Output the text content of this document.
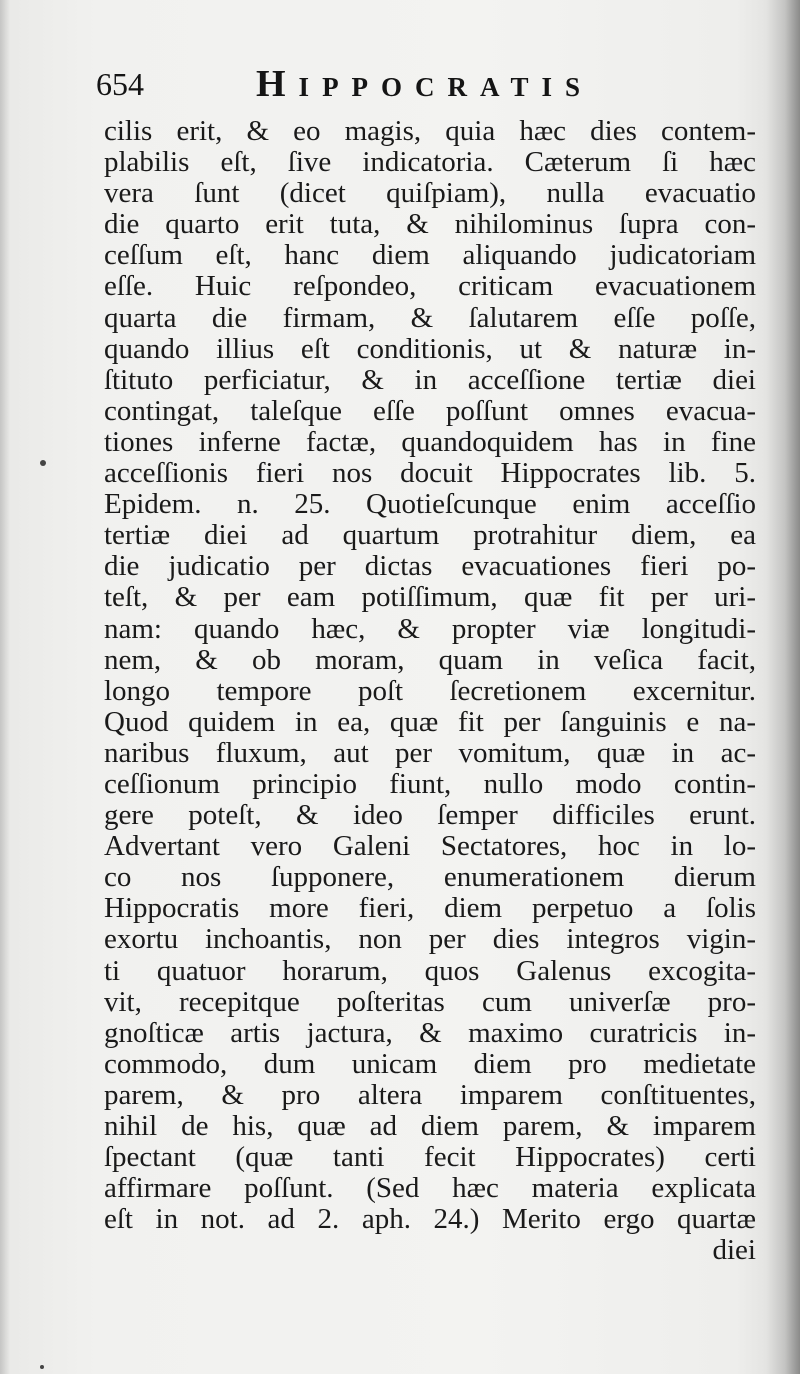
654	Hippocratis
cilis erit, & eo magis, quia hæc dies contem-
plabilis eſt, ſive indicatoria. Cæterum ſi hæc
vera ſunt (dicet quiſpiam), nulla evacuatio
die quarto erit tuta, & nihilominus ſupra con-
ceſſum eſt, hanc diem aliquando judicatoriam
eſſe. Huic reſpondeo, criticam evacuationem
quarta die firmam, & ſalutarem eſſe poſſe,
quando illius eſt conditionis, ut & naturæ in-
ſtituto perficiatur, & in acceſſione tertiæ diei
contingat, taleſque eſſe poſſunt omnes evacua-
tiones inferne factæ, quandoquidem has in fine
acceſſionis fieri nos docuit Hippocrates lib. 5.
Epidem. n. 25. Quotieſcunque enim acceſſio
tertiæ diei ad quartum protrahitur diem, ea
die judicatio per dictas evacuationes fieri po-
teſt, & per eam potiſſimum, quæ fit per uri-
nam: quando hæc, & propter viæ longitudi-
nem, & ob moram, quam in veſica facit,
longo tempore poſt ſecretionem excernitur.
Quod quidem in ea, quæ fit per ſanguinis e na-
naribus fluxum, aut per vomitum, quæ in ac-
ceſſionum principio fiunt, nullo modo contin-
gere poteſt, & ideo ſemper difficiles erunt.
Advertant vero Galeni Sectatores, hoc in lo-
co nos ſupponere, enumerationem dierum
Hippocratis more fieri, diem perpetuo a ſolis
exortu inchoantis, non per dies integros vigin-
ti quatuor horarum, quos Galenus excogita-
vit, recepitque poſteritas cum univerſæ pro-
gnoſticæ artis jactura, & maximo curatricis in-
commodo, dum unicam diem pro medietate
parem, & pro altera imparem conſtituentes,
nihil de his, quæ ad diem parem, & imparem
ſpectant (quæ tanti fecit Hippocrates) certi
affirmare poſſunt. (Sed hæc materia explicata
eſt in not. ad 2. aph. 24.) Merito ergo quartæ
diei
